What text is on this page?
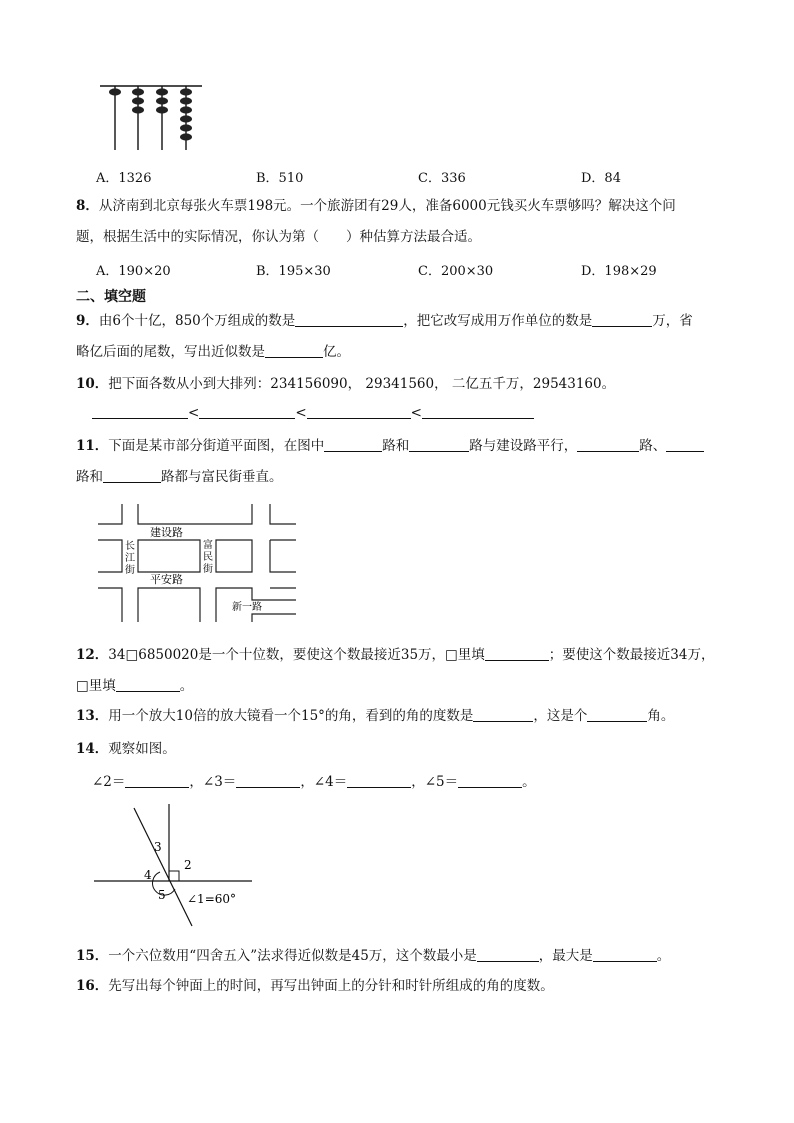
A．1326	B．510	C．336	D．84
8．从济南到北京每张火车票198元。一个旅游团有29人，准备6000元钱买火车票够吗？解决这个问
题，根据生活中的实际情况，你认为第（　　）种估算方法最合适。
A．190×20	B．195×30	C．200×30	D．198×29
二、填空题
9．由6个十亿，850个万组成的数是	，把它改写成用万作单位的数是	万，省
略亿后面的尾数，写出近似数是	亿。
10．把下面各数从小到大排列：234156090， 29341560， 二亿五千万，29543160。
<	<	<
11．下面是某市部分街道平面图，在图中	路和	路与建设路平行，	路、
路和	路都与富民街垂直。
建设路
长
江
街
富
民
街
平安路
新一路
12．34□6850020是一个十位数，要使这个数最接近35万，□里填	；要使这个数最接近34万，
□里填	。
13．用一个放大10倍的放大镜看一个15°的角，看到的角的度数是	，这是个	角。
14．观察如图。
∠2＝	，∠3＝	，∠4＝	，∠5＝	。
3
2
4
5 ∠1=60°
15．一个六位数用“四舍五入”法求得近似数是45万，这个数最小是	，最大是	。
16．先写出每个钟面上的时间，再写出钟面上的分针和时针所组成的角的度数。
